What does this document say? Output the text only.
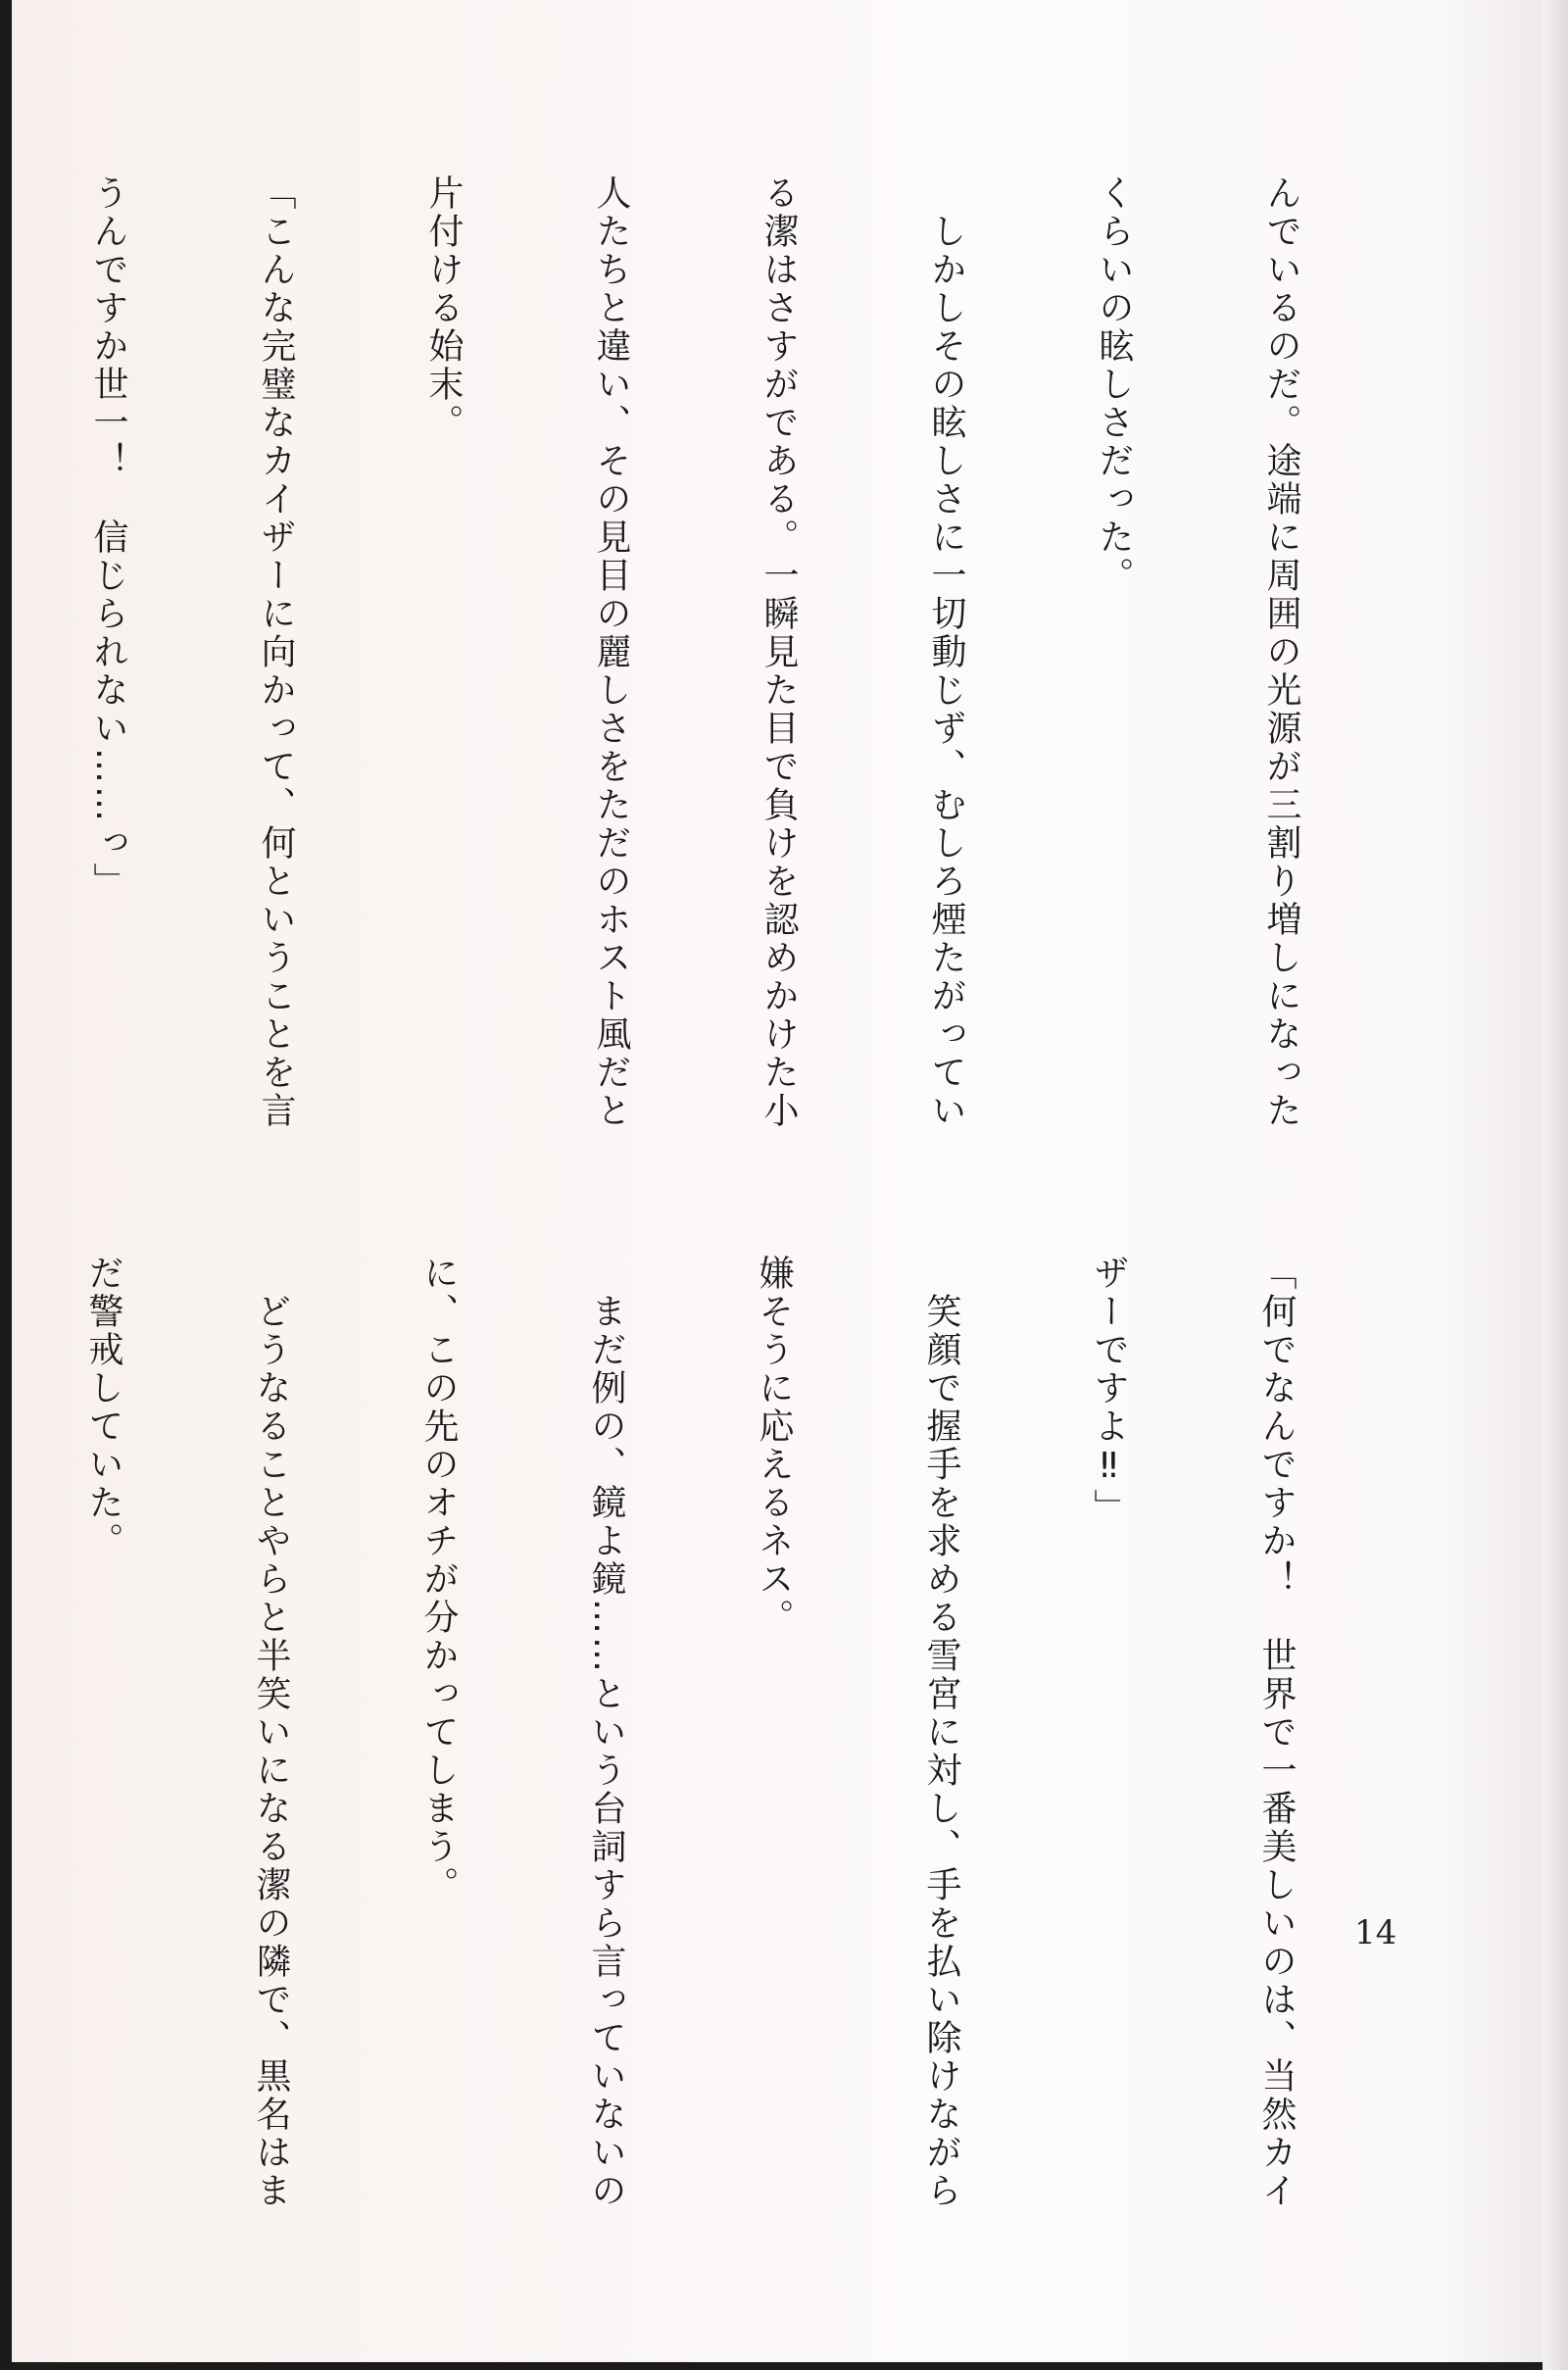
んでいるのだ。途端に周囲の光源が三割り増しになった

くらいの眩しさだった。

　しかしその眩しさに一切動じず、むしろ煙たがってい

る潔はさすがである。一瞬見た目で負けを認めかけた小

人たちと違い、その見目の麗しさをただのホスト風だと

片付ける始末。

「こんな完璧なカイザーに向かって、何ということを言

うんですか世一！　信じられない……っ」

「何でなんですか！　世界で一番美しいのは、当然カイ

ザーですよ‼」

　笑顔で握手を求める雪宮に対し、手を払い除けながら

嫌そうに応えるネス。

　まだ例の、鏡よ鏡……という台詞すら言っていないの

に、この先のオチが分かってしまう。

　どうなることやらと半笑いになる潔の隣で、黒名はま

だ警戒していた。

14
